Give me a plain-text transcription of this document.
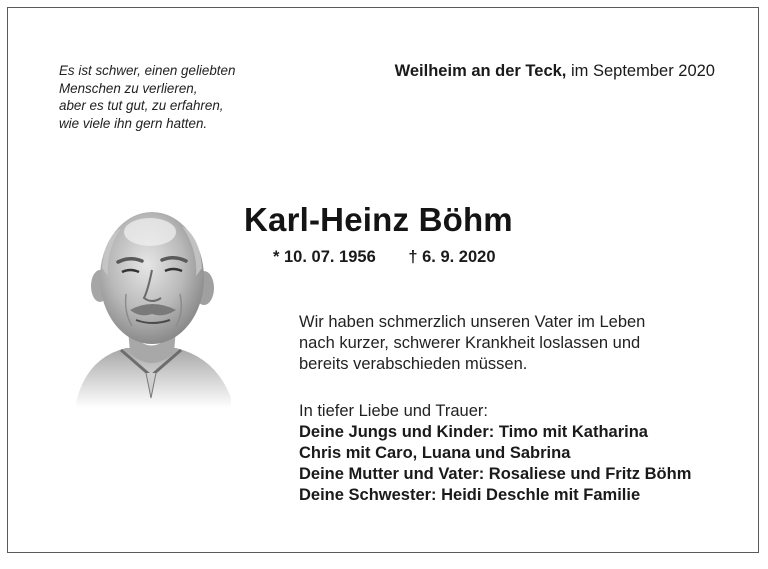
Es ist schwer, einen geliebten
Menschen zu verlieren,
aber es tut gut, zu erfahren,
wie viele ihn gern hatten.
Weilheim an der Teck, im September 2020
Karl-Heinz Böhm
* 10. 07. 1956 † 6. 9. 2020
Wir haben schmerzlich unseren Vater im Leben
nach kurzer, schwerer Krankheit loslassen und
bereits verabschieden müssen.
In tiefer Liebe und Trauer:
Deine Jungs und Kinder: Timo mit Katharina
Chris mit Caro, Luana und Sabrina
Deine Mutter und Vater: Rosaliese und Fritz Böhm
Deine Schwester: Heidi Deschle mit Familie
